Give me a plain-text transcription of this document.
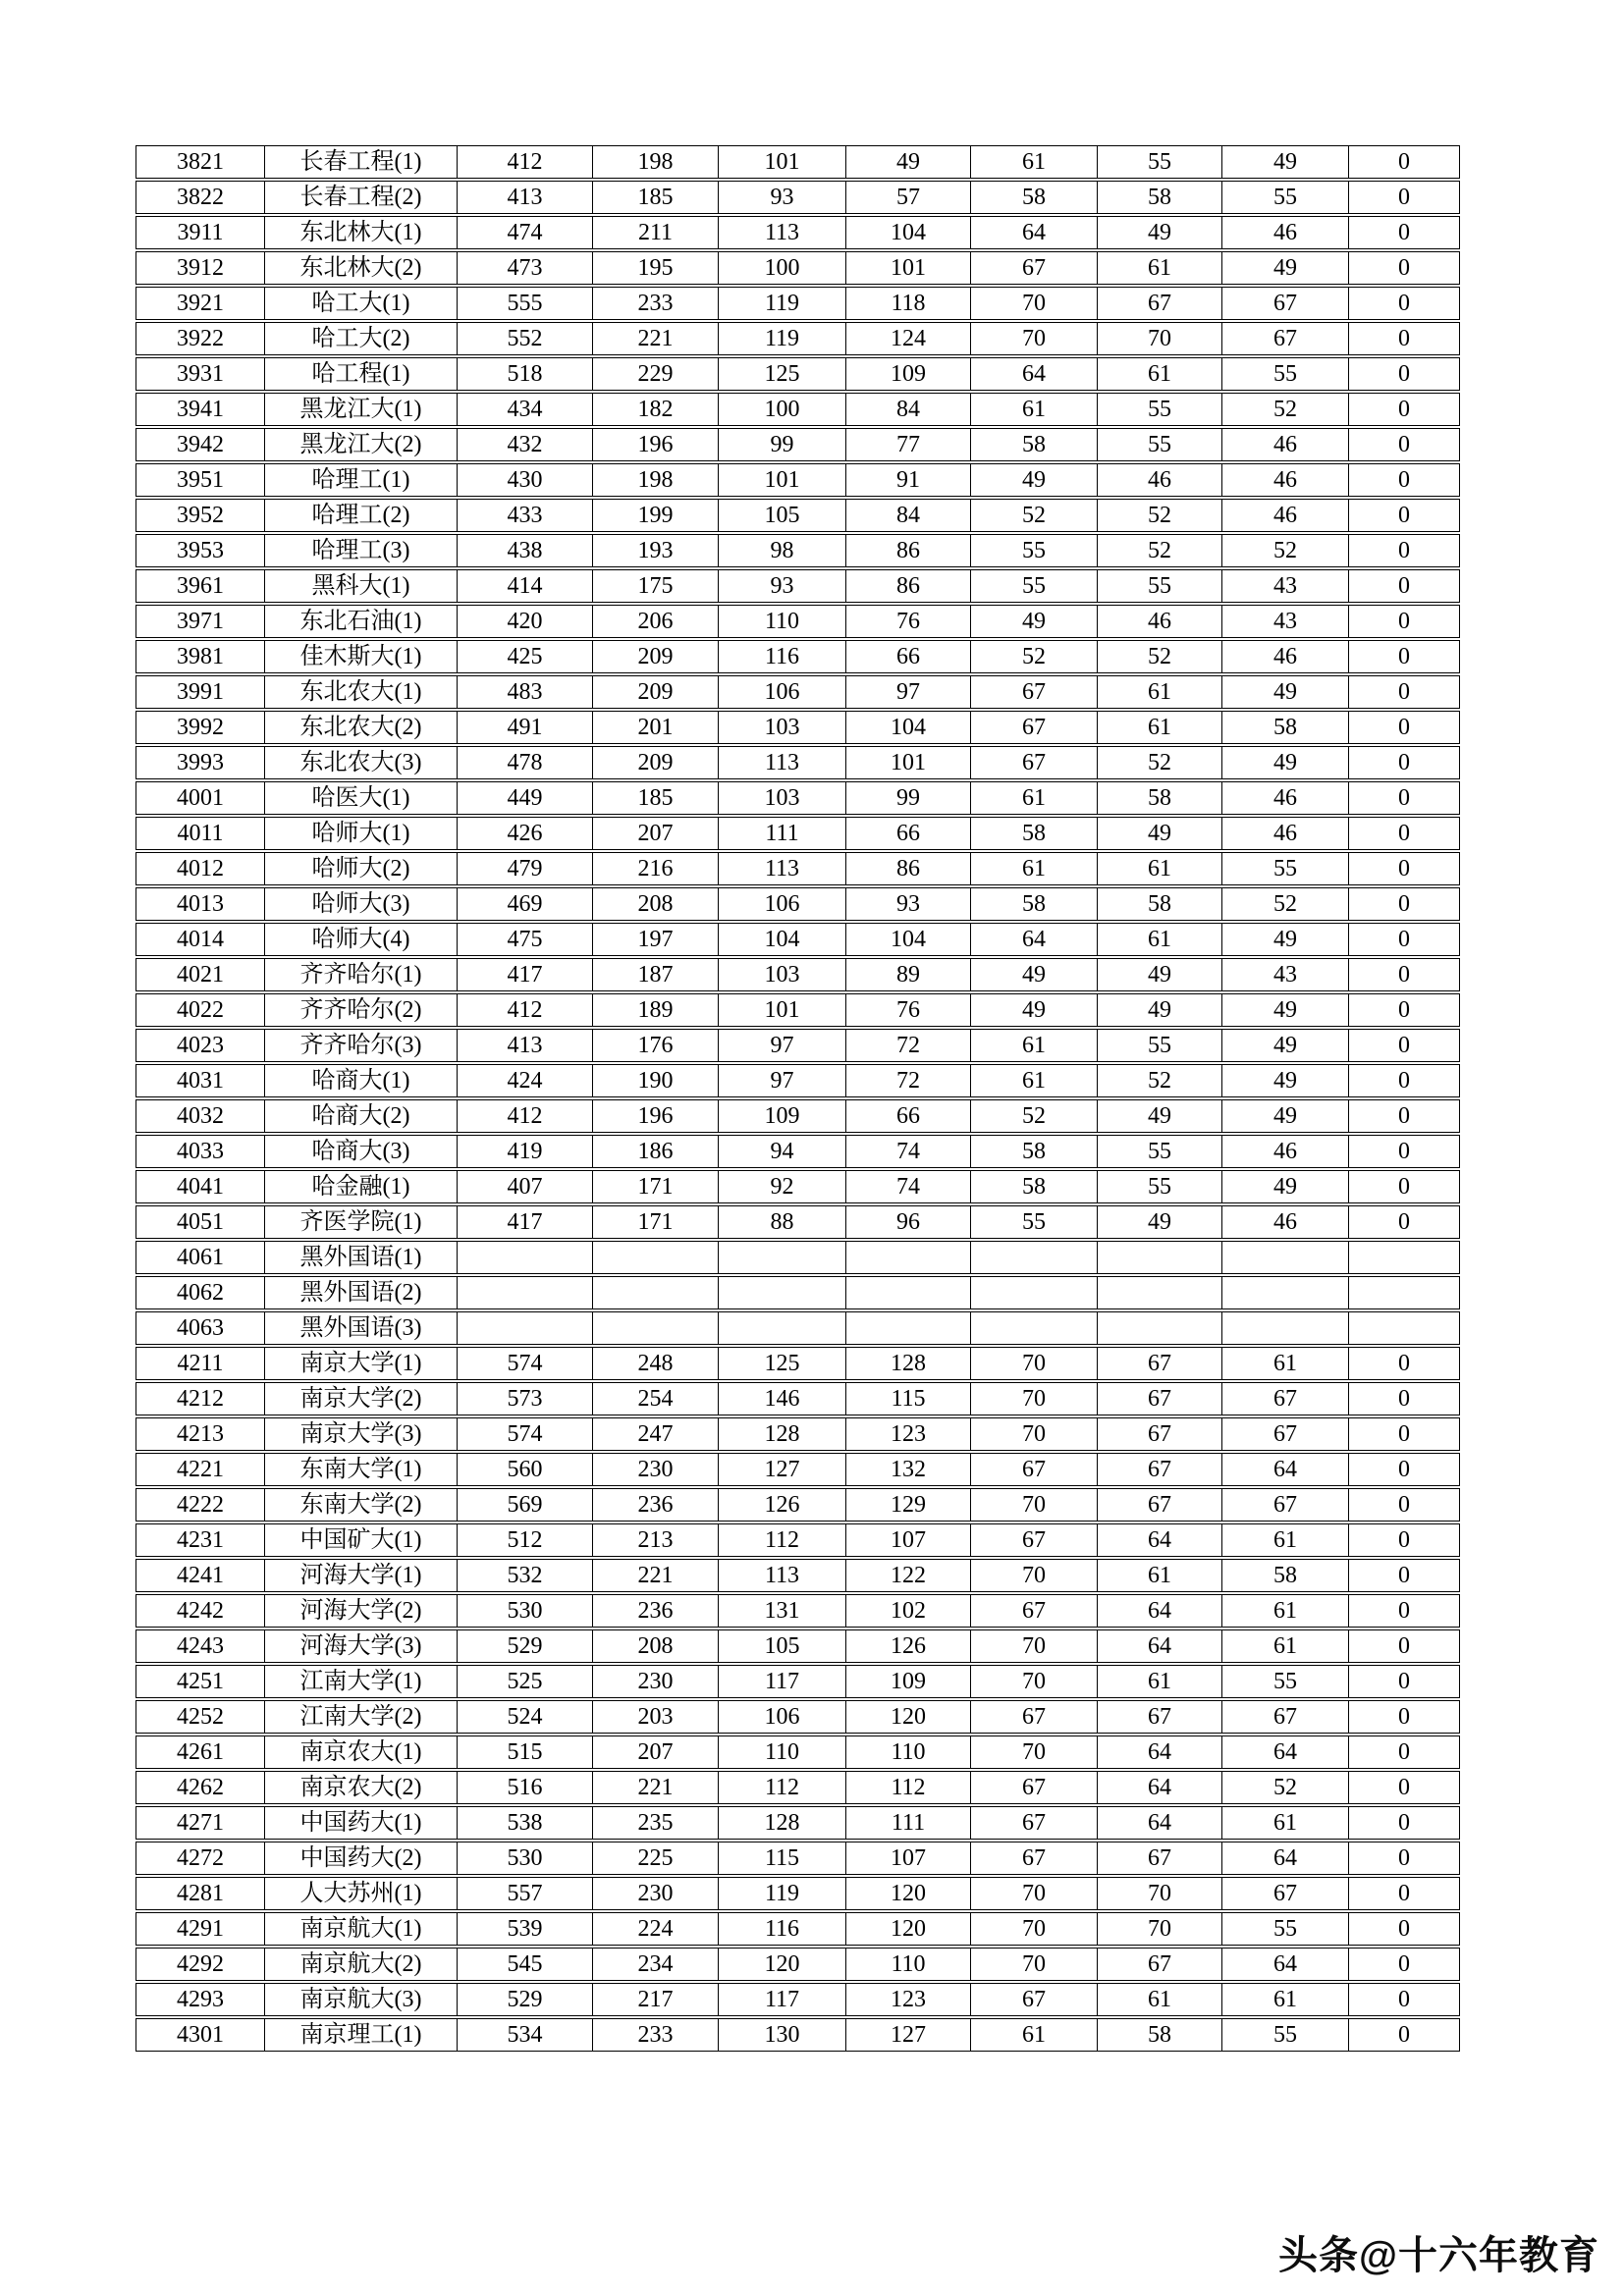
3821	长春工程(1)	412	198	101	49	61	55	49	0
3822	长春工程(2)	413	185	93	57	58	58	55	0
3911	东北林大(1)	474	211	113	104	64	49	46	0
3912	东北林大(2)	473	195	100	101	67	61	49	0
3921	哈工大(1)	555	233	119	118	70	67	67	0
3922	哈工大(2)	552	221	119	124	70	70	67	0
3931	哈工程(1)	518	229	125	109	64	61	55	0
3941	黑龙江大(1)	434	182	100	84	61	55	52	0
3942	黑龙江大(2)	432	196	99	77	58	55	46	0
3951	哈理工(1)	430	198	101	91	49	46	46	0
3952	哈理工(2)	433	199	105	84	52	52	46	0
3953	哈理工(3)	438	193	98	86	55	52	52	0
3961	黑科大(1)	414	175	93	86	55	55	43	0
3971	东北石油(1)	420	206	110	76	49	46	43	0
3981	佳木斯大(1)	425	209	116	66	52	52	46	0
3991	东北农大(1)	483	209	106	97	67	61	49	0
3992	东北农大(2)	491	201	103	104	67	61	58	0
3993	东北农大(3)	478	209	113	101	67	52	49	0
4001	哈医大(1)	449	185	103	99	61	58	46	0
4011	哈师大(1)	426	207	111	66	58	49	46	0
4012	哈师大(2)	479	216	113	86	61	61	55	0
4013	哈师大(3)	469	208	106	93	58	58	52	0
4014	哈师大(4)	475	197	104	104	64	61	49	0
4021	齐齐哈尔(1)	417	187	103	89	49	49	43	0
4022	齐齐哈尔(2)	412	189	101	76	49	49	49	0
4023	齐齐哈尔(3)	413	176	97	72	61	55	49	0
4031	哈商大(1)	424	190	97	72	61	52	49	0
4032	哈商大(2)	412	196	109	66	52	49	49	0
4033	哈商大(3)	419	186	94	74	58	55	46	0
4041	哈金融(1)	407	171	92	74	58	55	49	0
4051	齐医学院(1)	417	171	88	96	55	49	46	0
4061	黑外国语(1)								
4062	黑外国语(2)								
4063	黑外国语(3)								
4211	南京大学(1)	574	248	125	128	70	67	61	0
4212	南京大学(2)	573	254	146	115	70	67	67	0
4213	南京大学(3)	574	247	128	123	70	67	67	0
4221	东南大学(1)	560	230	127	132	67	67	64	0
4222	东南大学(2)	569	236	126	129	70	67	67	0
4231	中国矿大(1)	512	213	112	107	67	64	61	0
4241	河海大学(1)	532	221	113	122	70	61	58	0
4242	河海大学(2)	530	236	131	102	67	64	61	0
4243	河海大学(3)	529	208	105	126	70	64	61	0
4251	江南大学(1)	525	230	117	109	70	61	55	0
4252	江南大学(2)	524	203	106	120	67	67	67	0
4261	南京农大(1)	515	207	110	110	70	64	64	0
4262	南京农大(2)	516	221	112	112	67	64	52	0
4271	中国药大(1)	538	235	128	111	67	64	61	0
4272	中国药大(2)	530	225	115	107	67	67	64	0
4281	人大苏州(1)	557	230	119	120	70	70	67	0
4291	南京航大(1)	539	224	116	120	70	70	55	0
4292	南京航大(2)	545	234	120	110	70	67	64	0
4293	南京航大(3)	529	217	117	123	67	61	61	0
4301	南京理工(1)	534	233	130	127	61	58	55	0
头条@十六年教育
